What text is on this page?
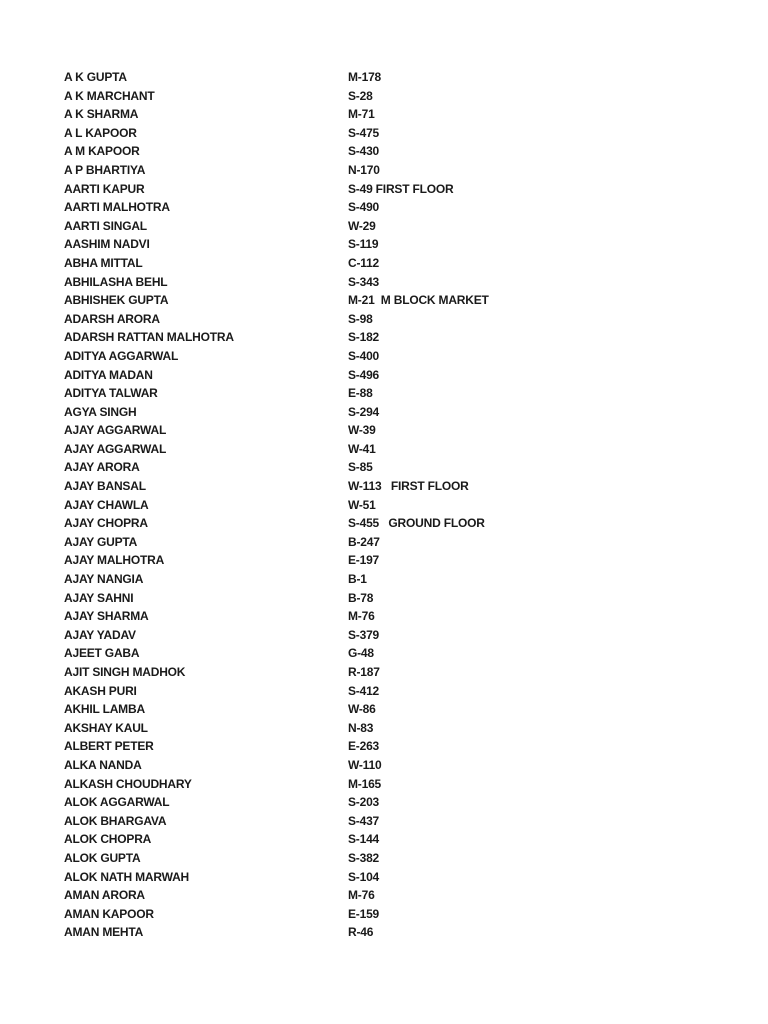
A K GUPTA	M-178
A K MARCHANT	S-28
A K SHARMA	M-71
A L KAPOOR	S-475
A M KAPOOR	S-430
A P BHARTIYA	N-170
AARTI KAPUR	S-49 FIRST FLOOR
AARTI MALHOTRA	S-490
AARTI SINGAL	W-29
AASHIM NADVI	S-119
ABHA MITTAL	C-112
ABHILASHA BEHL	S-343
ABHISHEK GUPTA	M-21  M BLOCK MARKET
ADARSH ARORA	S-98
ADARSH RATTAN MALHOTRA	S-182
ADITYA AGGARWAL	S-400
ADITYA MADAN	S-496
ADITYA TALWAR	E-88
AGYA SINGH	S-294
AJAY AGGARWAL	W-39
AJAY AGGARWAL	W-41
AJAY ARORA	S-85
AJAY BANSAL	W-113   FIRST FLOOR
AJAY CHAWLA	W-51
AJAY CHOPRA	S-455   GROUND FLOOR
AJAY GUPTA	B-247
AJAY MALHOTRA	E-197
AJAY NANGIA	B-1
AJAY SAHNI	B-78
AJAY SHARMA	M-76
AJAY YADAV	S-379
AJEET GABA	G-48
AJIT SINGH MADHOK	R-187
AKASH PURI	S-412
AKHIL LAMBA	W-86
AKSHAY KAUL	N-83
ALBERT PETER	E-263
ALKA NANDA	W-110
ALKASH CHOUDHARY	M-165
ALOK AGGARWAL	S-203
ALOK BHARGAVA	S-437
ALOK CHOPRA	S-144
ALOK GUPTA	S-382
ALOK NATH MARWAH	S-104
AMAN ARORA	M-76
AMAN KAPOOR	E-159
AMAN MEHTA	R-46
